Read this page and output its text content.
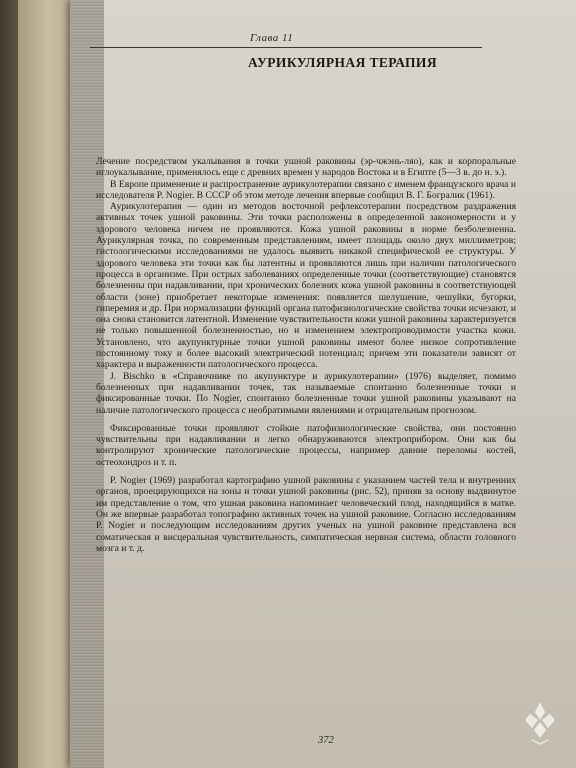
Глава 11
АУРИКУЛЯРНАЯ ТЕРАПИЯ

Лечение посредством укалывания в точки ушной раковины (эр-чжэнь-ляо), как и корпоральные иглоукалывание, применялось еще с древних времен у народов Востока и в Египте (5—3 в. до н. э.).

В Европе применение и распространение аурикулотерапии связано с именем французского врача и исследователя P. Nogier. В СССР об этом методе лечения впервые сообщил В. Г. Богралик (1961).

Аурикулотерапия — один из методов восточной рефлексотерапии посредством раздражения активных точек ушной раковины. Эти точки расположены в определенной закономерности и у здорового человека ничем не проявляются. Кожа ушной раковины в норме безболезненна. Аурикулярная точка, по современным представлениям, имеет площадь около двух миллиметров; гистологическими исследованиями не удалось выявить никакой специфической ее структуры. У здорового человека эти точки как бы латентны и проявляются лишь при наличии патологического процесса в организме. При острых заболеваниях определенные точки (соответствующие) становятся болезненны при надавливании, при хронических болезнях кожа ушной раковины в соответствующей области (зоне) приобретает некоторые изменения: появляется шелушение, чешуйки, бугорки, гиперемия и др. При нормализации функций органа патофизиологические свойства точки исчезают, и она снова становится латентной. Изменение чувствительности кожи ушной раковины характеризуется не только повышенной болезненностью, но и изменением электропроводимости участка кожи. Установлено, что акупунктурные точки ушной раковины имеют более низкое сопротивление постоянному току и более высокий электрический потенциал; причем эти показатели зависят от характера и выраженности патологического процесса.

J. Bischko в «Справочнике по акупунктуре и аурикулотерапии» (1976) выделяет, помимо болезненных при надавливании точек, так называемые спонтанно болезненные точки и фиксированные точки. По Nogier, спонтанно болезненные точки ушной раковины указывают на наличие патологического процесса с необратимыми явлениями и отрицательным прогнозом.

Фиксированные точки проявляют стойкие патофизиологические свойства, они постоянно чувствительны при надавливании и легко обнаруживаются электроприбором. Они как бы контролируют хронические патологические процессы, например давние переломы костей, остеохондроз и т. п.

P. Nogier (1969) разработал картографию ушной раковины с указанием частей тела и внутренних органов, проецирующихся на зоны и точки ушной раковины (рис. 52), приняв за основу выдвинутое им представление о том, что ушная раковина напоминает человеческий плод, находящийся в матке. Он же впервые разработал топографию активных точек на ушной раковине. Согласно исследованиям P. Nogier и последующим исследованиям других ученых на ушной раковине представлена вся соматическая и висцеральная чувствительность, симпатическая нервная система, области головного мозга и т. д.

372
